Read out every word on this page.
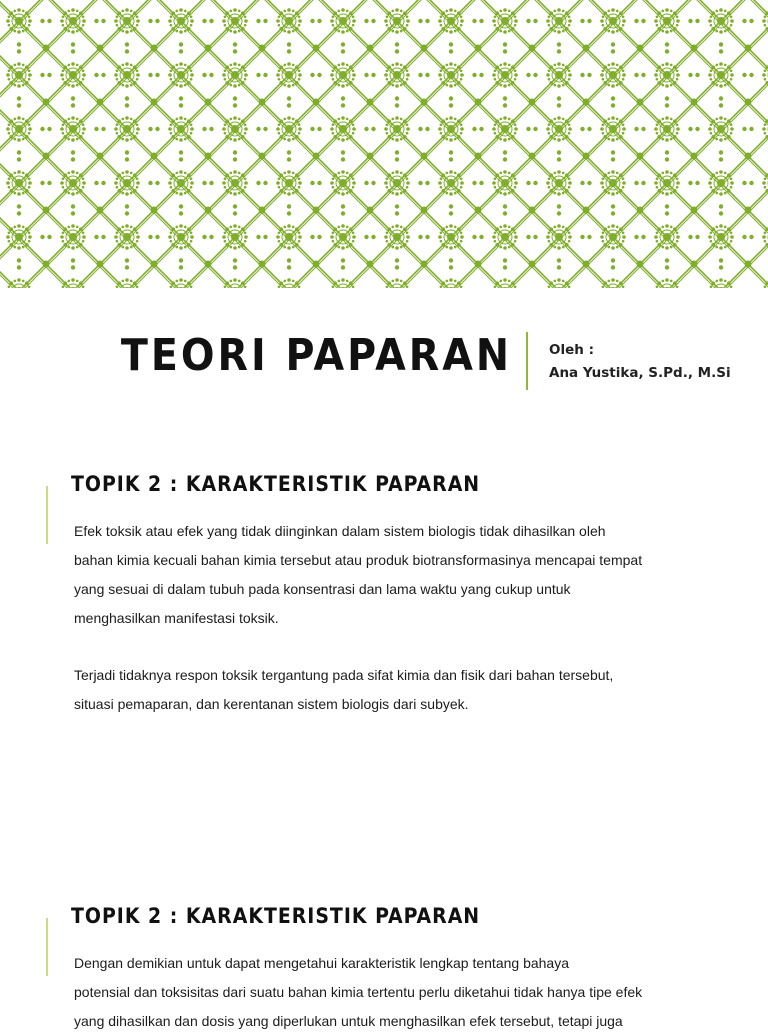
TEORI PAPARAN	Oleh :
Ana Yustika, S.Pd., M.Si
TOPIK 2 : KARAKTERISTIK PAPARAN
Efek toksik atau efek yang tidak diinginkan dalam sistem biologis tidak dihasilkan oleh
bahan kimia kecuali bahan kimia tersebut atau produk biotransformasinya mencapai tempat
yang sesuai di dalam tubuh pada konsentrasi dan lama waktu yang cukup untuk
menghasilkan manifestasi toksik.
Terjadi tidaknya respon toksik tergantung pada sifat kimia dan fisik dari bahan tersebut,
situasi pemaparan, dan kerentanan sistem biologis dari subyek.
TOPIK 2 : KARAKTERISTIK PAPARAN
Dengan demikian untuk dapat mengetahui karakteristik lengkap tentang bahaya
potensial dan toksisitas dari suatu bahan kimia tertentu perlu diketahui tidak hanya tipe efek
yang dihasilkan dan dosis yang diperlukan untuk menghasilkan efek tersebut, tetapi juga
